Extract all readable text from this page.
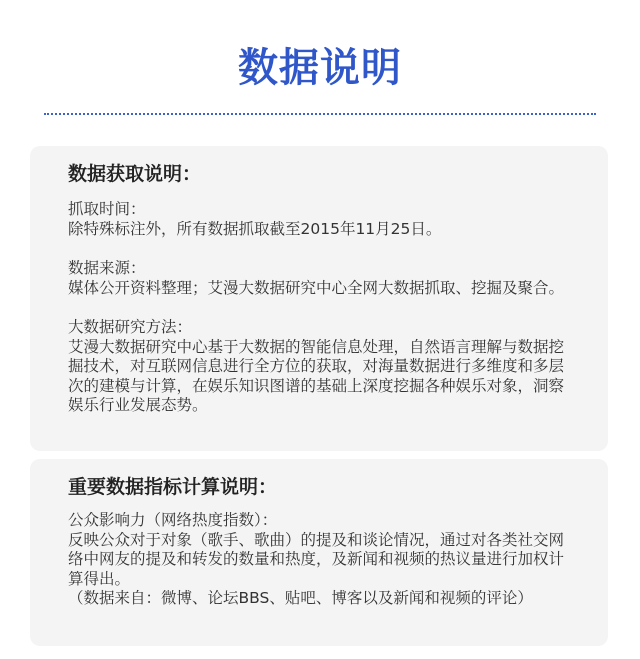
数据说明
数据获取说明：
抓取时间：
除特殊标注外，所有数据抓取截至2015年11月25日。
数据来源：
媒体公开资料整理；艾漫大数据研究中心全网大数据抓取、挖掘及聚合。
大数据研究方法：
艾漫大数据研究中心基于大数据的智能信息处理，自然语言理解与数据挖掘技术，对互联网信息进行全方位的获取，对海量数据进行多维度和多层次的建模与计算，在娱乐知识图谱的基础上深度挖掘各种娱乐对象，洞察娱乐行业发展态势。
重要数据指标计算说明：
公众影响力（网络热度指数）：
反映公众对于对象（歌手、歌曲）的提及和谈论情况，通过对各类社交网络中网友的提及和转发的数量和热度，及新闻和视频的热议量进行加权计算得出。
（数据来自：微博、论坛BBS、贴吧、博客以及新闻和视频的评论）
